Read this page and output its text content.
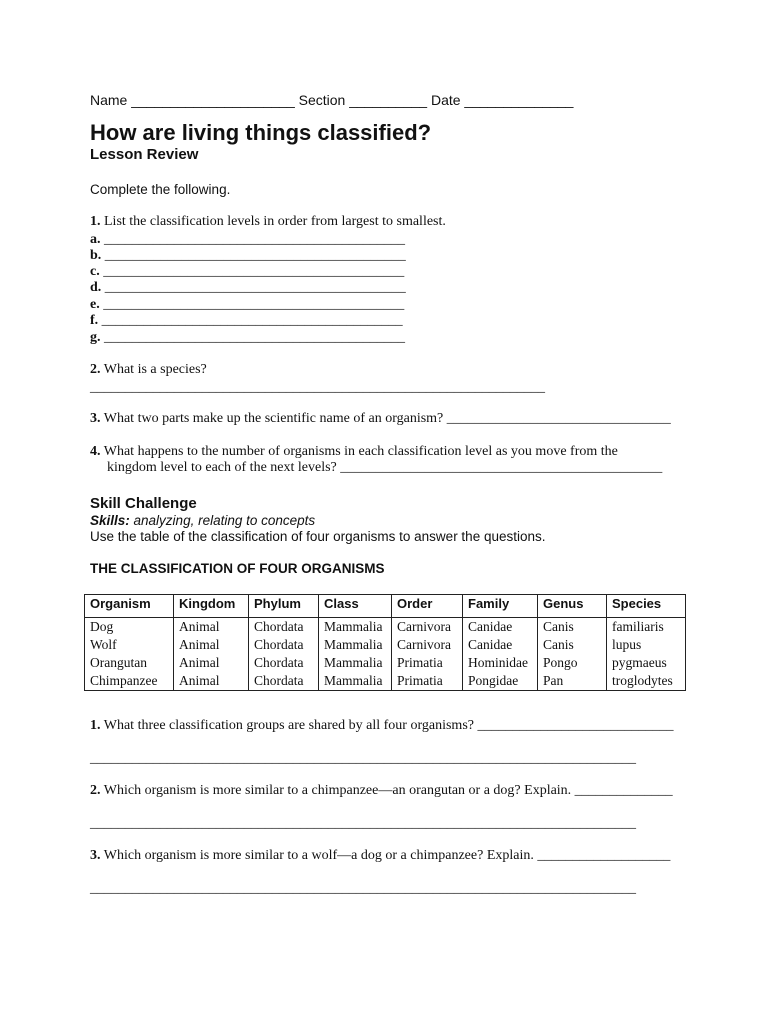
Name _____________________ Section __________ Date ______________
How are living things classified?
Lesson Review
Complete the following.
1. List the classification levels in order from largest to smallest.
a. ___________________________________________
b. ___________________________________________
c. ___________________________________________
d. ___________________________________________
e. ___________________________________________
f. ___________________________________________
g. ___________________________________________
2. What is a species?
_________________________________________________________________
3. What two parts make up the scientific name of an organism? ________________________________
4. What happens to the number of organisms in each classification level as you move from the
kingdom level to each of the next levels? ______________________________________________
Skill Challenge
Skills: analyzing, relating to concepts
Use the table of the classification of four organisms to answer the questions.
THE CLASSIFICATION OF FOUR ORGANISMS
Organism	Kingdom	Phylum	Class	Order	Family	Genus	Species
Dog	Animal	Chordata	Mammalia	Carnivora	Canidae	Canis	familiaris
Wolf	Animal	Chordata	Mammalia	Carnivora	Canidae	Canis	lupus
Orangutan	Animal	Chordata	Mammalia	Primatia	Hominidae	Pongo	pygmaeus
Chimpanzee	Animal	Chordata	Mammalia	Primatia	Pongidae	Pan	troglodytes
1. What three classification groups are shared by all four organisms? ____________________________
______________________________________________________________________________
2. Which organism is more similar to a chimpanzee—an orangutan or a dog? Explain. ______________
______________________________________________________________________________
3. Which organism is more similar to a wolf—a dog or a chimpanzee? Explain. ___________________
______________________________________________________________________________
